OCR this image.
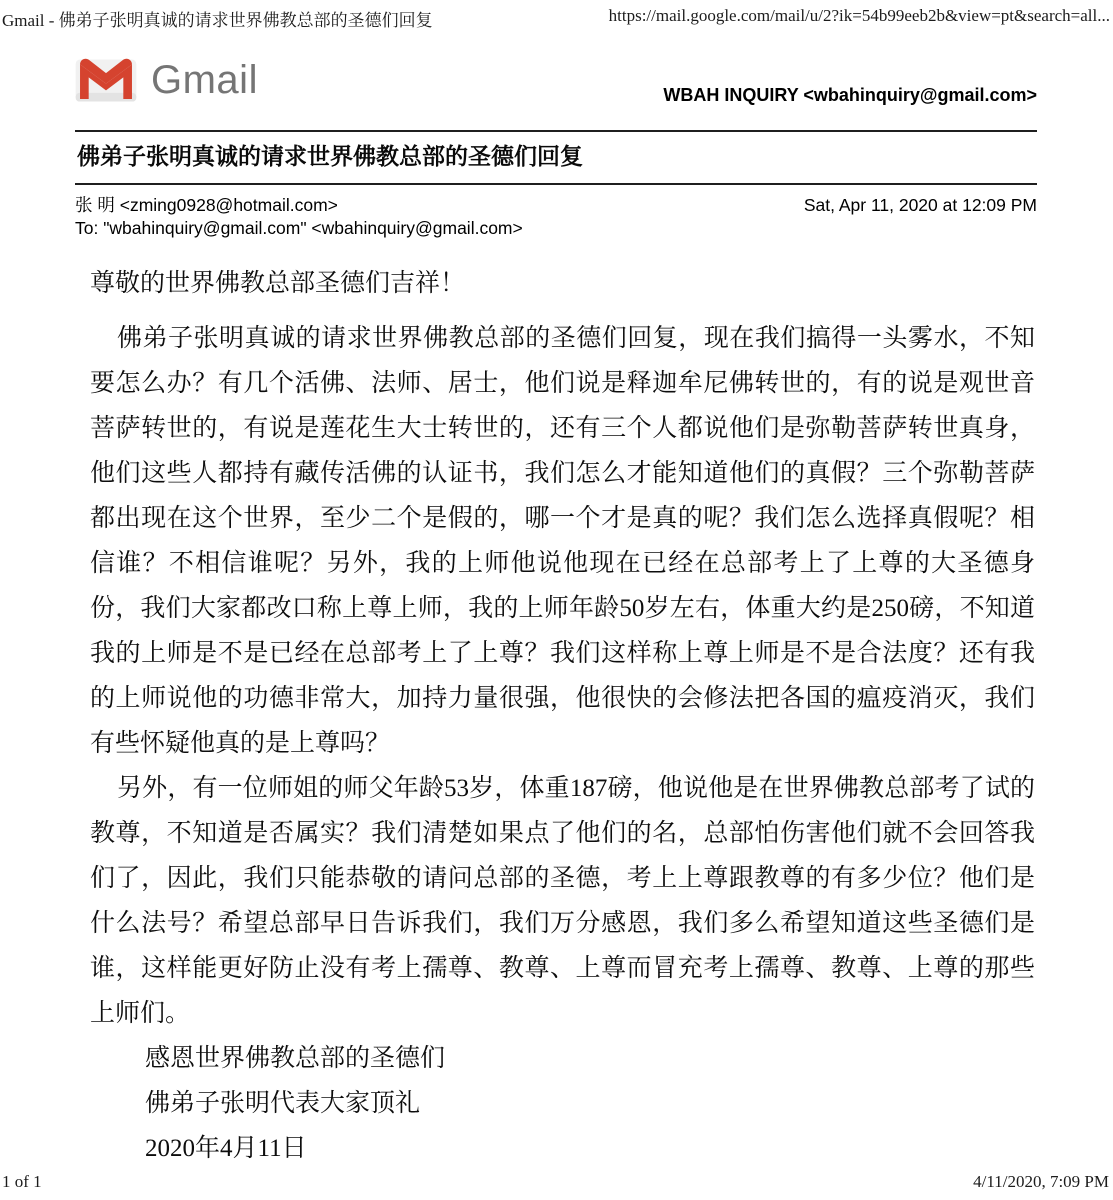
Gmail - 佛弟子张明真诚的请求世界佛教总部的圣德们回复	https://mail.google.com/mail/u/2?ik=54b99eeb2b&view=pt&search=all...
Gmail	WBAH INQUIRY <wbahinquiry@gmail.com>
佛弟子张明真诚的请求世界佛教总部的圣德们回复
张 明 <zming0928@hotmail.com>
To: "wbahinquiry@gmail.com" <wbahinquiry@gmail.com>
Sat, Apr 11, 2020 at 12:09 PM

尊敬的世界佛教总部圣德们吉祥！

佛弟子张明真诚的请求世界佛教总部的圣德们回复，现在我们搞得一头雾水，不知要怎么办？有几个活佛、法师、居士，他们说是释迦牟尼佛转世的，有的说是观世音菩萨转世的，有说是莲花生大士转世的，还有三个人都说他们是弥勒菩萨转世真身，他们这些人都持有藏传活佛的认证书，我们怎么才能知道他们的真假？三个弥勒菩萨都出现在这个世界，至少二个是假的，哪一个才是真的呢？我们怎么选择真假呢？相信谁？不相信谁呢？另外，我的上师他说他现在已经在总部考上了上尊的大圣德身份，我们大家都改口称上尊上师，我的上师年龄50岁左右，体重大约是250磅，不知道我的上师是不是已经在总部考上了上尊？我们这样称上尊上师是不是合法度？还有我的上师说他的功德非常大，加持力量很强，他很快的会修法把各国的瘟疫消灭，我们有些怀疑他真的是上尊吗？

另外，有一位师姐的师父年龄53岁，体重187磅，他说他是在世界佛教总部考了试的教尊，不知道是否属实？我们清楚如果点了他们的名，总部怕伤害他们就不会回答我们了，因此，我们只能恭敬的请问总部的圣德，考上上尊跟教尊的有多少位？他们是什么法号？希望总部早日告诉我们，我们万分感恩，我们多么希望知道这些圣德们是谁，这样能更好防止没有考上孺尊、教尊、上尊而冒充考上孺尊、教尊、上尊的那些上师们。

感恩世界佛教总部的圣德们

佛弟子张明代表大家顶礼

2020年4月11日

1 of 1	4/11/2020, 7:09 PM
